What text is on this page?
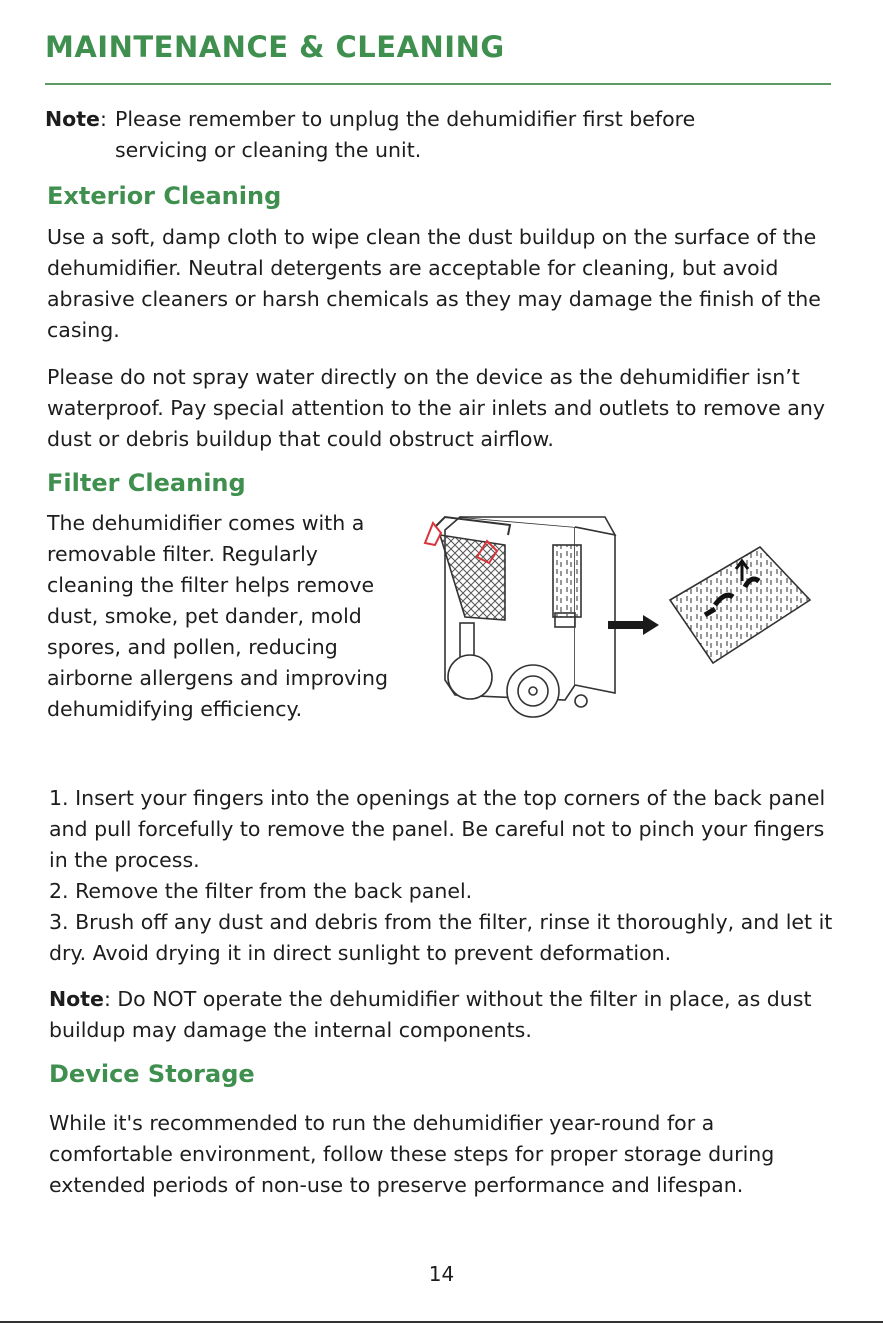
MAINTENANCE & CLEANING
Note: Please remember to unplug the dehumidifier first before
servicing or cleaning the unit.
Exterior Cleaning

Use a soft, damp cloth to wipe clean the dust buildup on the surface of the dehumidifier. Neutral detergents are acceptable for cleaning, but avoid abrasive cleaners or harsh chemicals as they may damage the finish of the casing.

Please do not spray water directly on the device as the dehumidifier isn’t waterproof. Pay special attention to the air inlets and outlets to remove any dust or debris buildup that could obstruct airflow.

Filter Cleaning

The dehumidifier comes with a removable filter. Regularly cleaning the filter helps remove dust, smoke, pet dander, mold spores, and pollen, reducing airborne allergens and improving dehumidifying efficiency.

1. Insert your fingers into the openings at the top corners of the back panel and pull forcefully to remove the panel. Be careful not to pinch your fingers in the process.

2. Remove the filter from the back panel.

3. Brush off any dust and debris from the filter, rinse it thoroughly, and let it dry. Avoid drying it in direct sunlight to prevent deformation.

Note: Do NOT operate the dehumidifier without the filter in place, as dust buildup may damage the internal components.

Device Storage

While it's recommended to run the dehumidifier year-round for a comfortable environment, follow these steps for proper storage during extended periods of non-use to preserve performance and lifespan.

14
